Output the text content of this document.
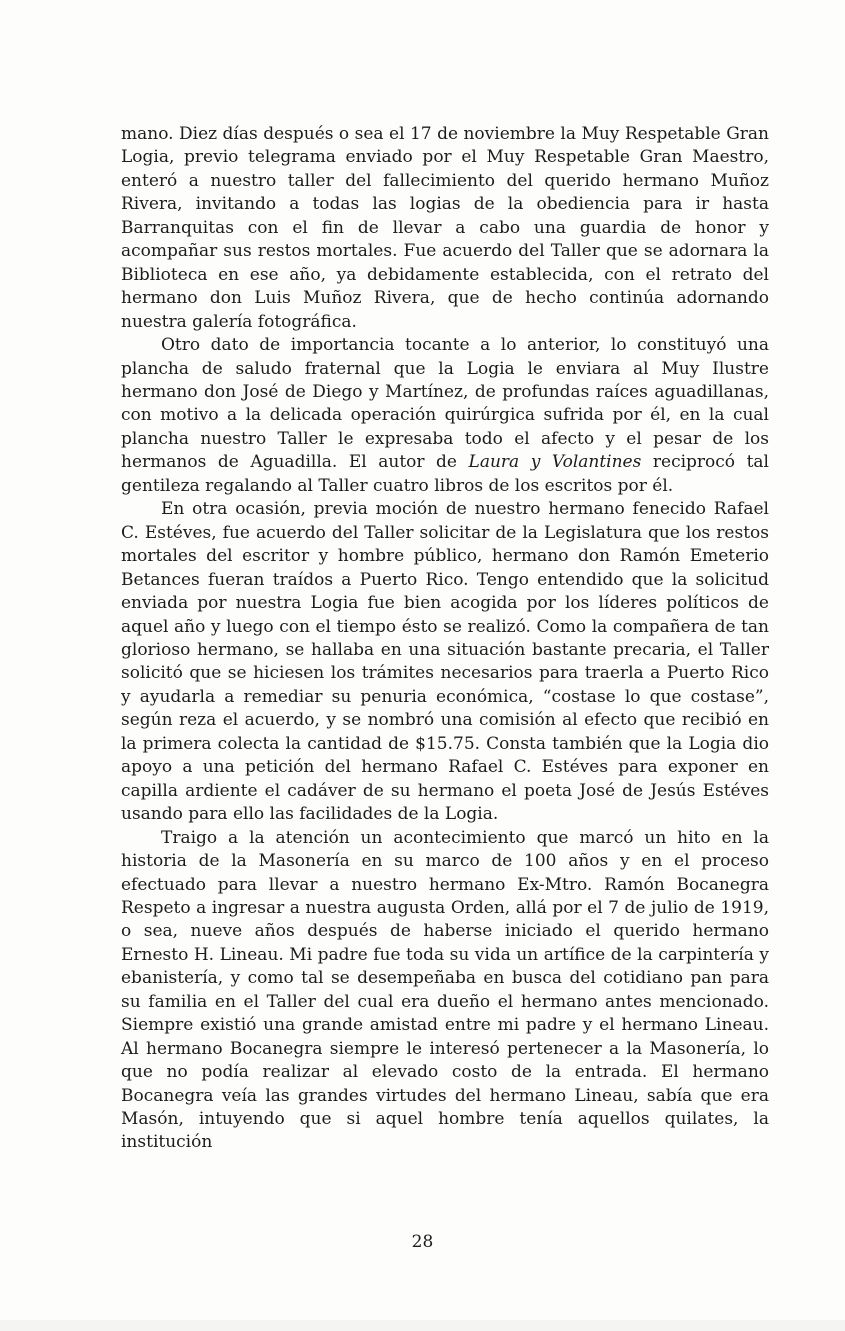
mano. Diez días después o sea el 17 de noviembre la Muy Respetable Gran Logia, previo telegrama enviado por el Muy Respetable Gran Maestro, enteró a nuestro taller del fallecimiento del querido hermano Muñoz Rivera, invitando a todas las logias de la obediencia para ir hasta Barranquitas con el fin de llevar a cabo una guardia de honor y acompañar sus restos mortales. Fue acuerdo del Taller que se adornara la Biblioteca en ese año, ya debidamente establecida, con el retrato del hermano don Luis Muñoz Rivera, que de hecho continúa adornando nuestra galería fotográfica.

Otro dato de importancia tocante a lo anterior, lo constituyó una plancha de saludo fraternal que la Logia le enviara al Muy Ilustre hermano don José de Diego y Martínez, de profundas raíces aguadillanas, con motivo a la delicada operación quirúrgica sufrida por él, en la cual plancha nuestro Taller le expresaba todo el afecto y el pesar de los hermanos de Aguadilla. El autor de Laura y Volantines reciprocó tal gentileza regalando al Taller cuatro libros de los escritos por él.

En otra ocasión, previa moción de nuestro hermano fenecido Rafael C. Estéves, fue acuerdo del Taller solicitar de la Legislatura que los restos mortales del escritor y hombre público, hermano don Ramón Emeterio Betances fueran traídos a Puerto Rico. Tengo entendido que la solicitud enviada por nuestra Logia fue bien acogida por los líderes políticos de aquel año y luego con el tiempo ésto se realizó. Como la compañera de tan glorioso hermano, se hallaba en una situación bastante precaria, el Taller solicitó que se hiciesen los trámites necesarios para traerla a Puerto Rico y ayudarla a remediar su penuria económica, “costase lo que costase”, según reza el acuerdo, y se nombró una comisión al efecto que recibió en la primera colecta la cantidad de $15.75. Consta también que la Logia dio apoyo a una petición del hermano Rafael C. Estéves para exponer en capilla ardiente el cadáver de su hermano el poeta José de Jesús Estéves usando para ello las facilidades de la Logia.

Traigo a la atención un acontecimiento que marcó un hito en la historia de la Masonería en su marco de 100 años y en el proceso efectuado para llevar a nuestro hermano Ex-Mtro. Ramón Bocanegra Respeto a ingresar a nuestra augusta Orden, allá por el 7 de julio de 1919, o sea, nueve años después de haberse iniciado el querido hermano Ernesto H. Lineau. Mi padre fue toda su vida un artífice de la carpintería y ebanistería, y como tal se desempeñaba en busca del cotidiano pan para su familia en el Taller del cual era dueño el hermano antes mencionado. Siempre existió una grande amistad entre mi padre y el hermano Lineau. Al hermano Bocanegra siempre le interesó pertenecer a la Masonería, lo que no podía realizar al elevado costo de la entrada. El hermano Bocanegra veía las grandes virtudes del hermano Lineau, sabía que era Masón, intuyendo que si aquel hombre tenía aquellos quilates, la institución

28
